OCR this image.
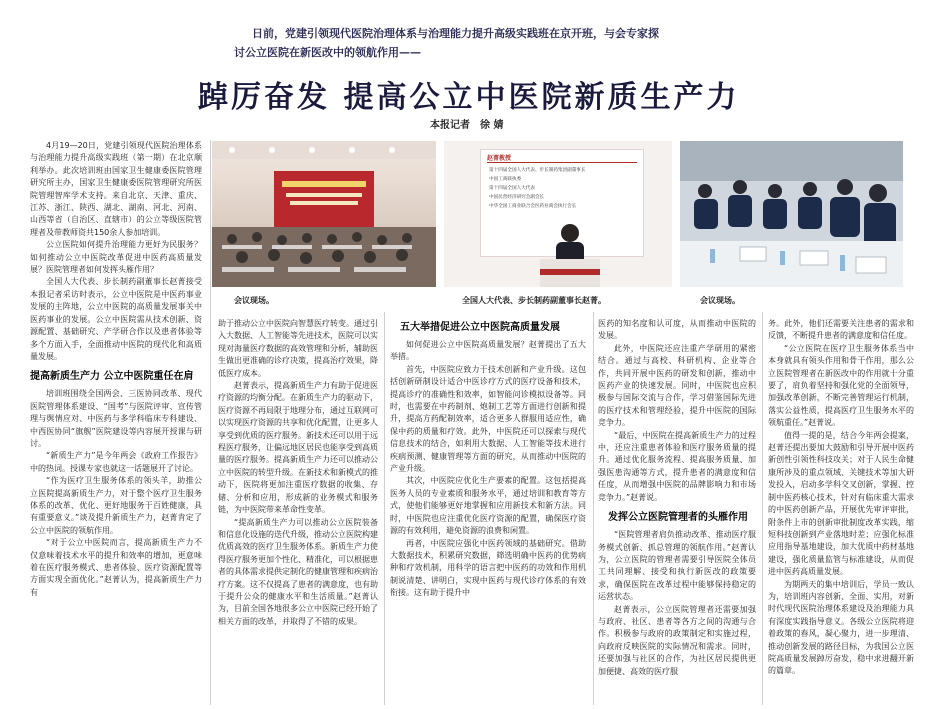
日前，党建引领现代医院治理体系与治理能力提升高级实践班在京开班，与会专家探

讨公立医院在新医改中的领航作用——

踔厉奋发 提高公立中医院新质生产力
本报记者　徐 婧
赵菁教授
第十四届全国人大代表、步长制药集团副董事长
中国工商联执委
第十四届全国人大代表
中国民营经济研究会副会长
中华全国工商业联合会医药业商会执行会长
会议现场。	全国人大代表、步长制药副董事长赵菁。	会议现场。

4月19—20日，党建引领现代医院治理体系与治理能力提升高级实践班（第一期）在北京顺利举办。此次培训班由国家卫生健康委医院管理研究所主办，国家卫生健康委医院管理研究所医院管理智库学术支持。来自北京、天津、重庆、江苏、浙江、陕西、湖北、湖南、河北、河南、山西等省（自治区、直辖市）的公立等级医院管理者及带教师资共150余人参加培训。

公立医院如何提升治理能力更好为民服务？如何推动公立中医院改革促进中医药高质量发展？医院管理者如何发挥头雁作用？

全国人大代表、步长制药副董事长赵菁接受本报记者采访时表示，公立中医院是中医药事业发展的主阵地，公立中医院的高质量发展事关中医药事业的发展。公立中医院需从技术创新、资源配置、基础研究、产学研合作以及患者体验等多个方面入手，全面推动中医院的现代化和高质量发展。

提高新质生产力 公立中医院重任在肩

培训班围绕全国两会、三医协同改革、现代医院管理体系建设、“国考”与医院评审、宣传管理与舆情应对、中医药与多学科临床专科建设、中西医协同“旗舰”医院建设等内容展开授课与研讨。

“新质生产力”是今年两会《政府工作报告》中的热词。授课专家也就这一话题展开了讨论。

“作为医疗卫生服务体系的领头羊，助推公立医院提高新质生产力，对于整个医疗卫生服务体系的改革、优化、更好地服务于百姓健康，具有重要意义。”谈及提升新质生产力，赵菁肯定了公立中医院的领航作用。

“对于公立中医院而言，提高新质生产力不仅意味着技术水平的提升和效率的增加，更意味着在医疗服务模式、患者体验、医疗资源配置等方面实现全面优化。”赵菁认为，提高新质生产力有

助于推动公立中医院向智慧医疗转变。通过引入大数据、人工智能等先进技术，医院可以实现对海量医疗数据的高效管理和分析，辅助医生做出更准确的诊疗决策，提高治疗效果，降低医疗成本。

赵菁表示，提高新质生产力有助于促进医疗资源的均衡分配。在新质生产力的驱动下，医疗资源不再局限于地理分布，通过互联网可以实现医疗资源的共享和优化配置，让更多人享受到优质的医疗服务。新技术还可以用于远程医疗服务，让偏远地区居民也能享受到高质量的医疗服务。提高新质生产力还可以推动公立中医院的转型升级。在新技术和新模式的推动下，医院将更加注重医疗数据的收集、存储、分析和应用，形成新的业务模式和服务链，为中医院带来革命性变革。

“提高新质生产力可以推动公立医院装备和信息化设施的迭代升级，推动公立医院构建优质高效的医疗卫生服务体系。新质生产力使得医疗服务更加个性化、精准化，可以根据患者的具体需求提供定制化的健康管理和疾病治疗方案。这不仅提高了患者的满意度，也有助于提升公众的健康水平和生活质量。”赵菁认为，目前全国各地很多公立中医院已经开始了相关方面的改革，并取得了不错的成果。

五大举措促进公立中医院高质量发展

如何促进公立中医院高质量发展？赵菁提出了五大举措。

首先，中医院应致力于技术创新和产业升级。这包括创新研制设计适合中医诊疗方式的医疗设备和技术，提高诊疗的准确性和效率，如智能问诊模拟设备等。同时，也需要在中药制剂、炮制工艺等方面进行创新和提升，提高方药配制效率，适合更多人群服用适应性，确保中药的质量和疗效。此外，中医院还可以探索与现代信息技术的结合，如利用大数据、人工智能等技术进行疾病预测、健康管理等方面的研究，从而推动中医院的产业升级。

其次，中医院应优化生产要素的配置。这包括提高医务人员的专业素质和服务水平，通过培训和教育等方式，使他们能够更好地掌握和应用新技术和新方法。同时，中医院也应注重优化医疗资源的配置，确保医疗资源的有效利用，避免资源的浪费和闲置。

再者，中医院应强化中医药领域的基础研究。借助大数据技术，积累研究数据，筛选明确中医药的优势病种和疗效机制，用科学的语言把中医药的功效和作用机制说清楚、讲明白，实现中医药与现代诊疗体系的有效衔接。这有助于提升中

医药的知名度和认可度，从而推动中医院的发展。

此外，中医院还应注重产学研用的紧密结合。通过与高校、科研机构、企业等合作，共同开展中医药的研发和创新，推动中医药产业的快速发展。同时，中医院也应积极参与国际交流与合作，学习借鉴国际先进的医疗技术和管理经验，提升中医院的国际竞争力。

“最后，中医院在提高新质生产力的过程中，还应注重患者体验和医疗服务质量的提升。通过优化服务流程、提高服务质量、加强医患沟通等方式，提升患者的满意度和信任度，从而增强中医院的品牌影响力和市场竞争力。”赵菁说。

发挥公立医院管理者的头雁作用

“医院管理者肩负推动改革、推动医疗服务模式创新、抓总管理的领航作用。”赵菁认为，公立医院的管理者需要引导医院全体员工共同理解、接受和执行新医改的政策要求，确保医院在改革过程中能够保持稳定的运营状态。

赵菁表示，公立医院管理者还需要加强与政府、社区、患者等各方之间的沟通与合作。积极参与政府的政策制定和实施过程，向政府反映医院的实际情况和需求。同时，还要加强与社区的合作，为社区居民提供更加便捷、高效的医疗服

务。此外，他们还需要关注患者的需求和反馈，不断提升患者的满意度和信任度。

“公立医院在医疗卫生服务体系当中本身就具有领头作用和骨干作用，那么公立医院管理者在新医改中的作用就十分重要了，肩负着坚持和强化党的全面领导，加强改革创新，不断完善管理运行机制，落实公益性质，提高医疗卫生服务水平的领航重任。”赵菁说。

值得一提的是，结合今年两会提案，赵菁还提出要加大鼓励和引导开展中医药新创性引领性科技攻关；对于人民生命健康所涉及的重点领域、关键技术等加大研发投入，启动多学科交叉创新，掌握、控制中医药核心技术，针对有临床重大需求的中医药创新产品，开展优先审评审批，附条件上市的创新审批制度改革实践，缩短科技创新到产业落地时差；应强化标准应用指导基地建设，加大优质中药材基地建设，强化质量监管与标准建设，从而促进中医药高质量发展。

为期两天的集中培训后，学员一致认为，培训班内容创新、全面、实用，对新时代现代医院治理体系建设及治理能力具有深度实践指导意义。各级公立医院将迎着政策的春风，凝心聚力，进一步理清、推动创新发展的路径目标，为我国公立医院高质量发展踔厉奋发，稳中求进翻开新的篇章。
